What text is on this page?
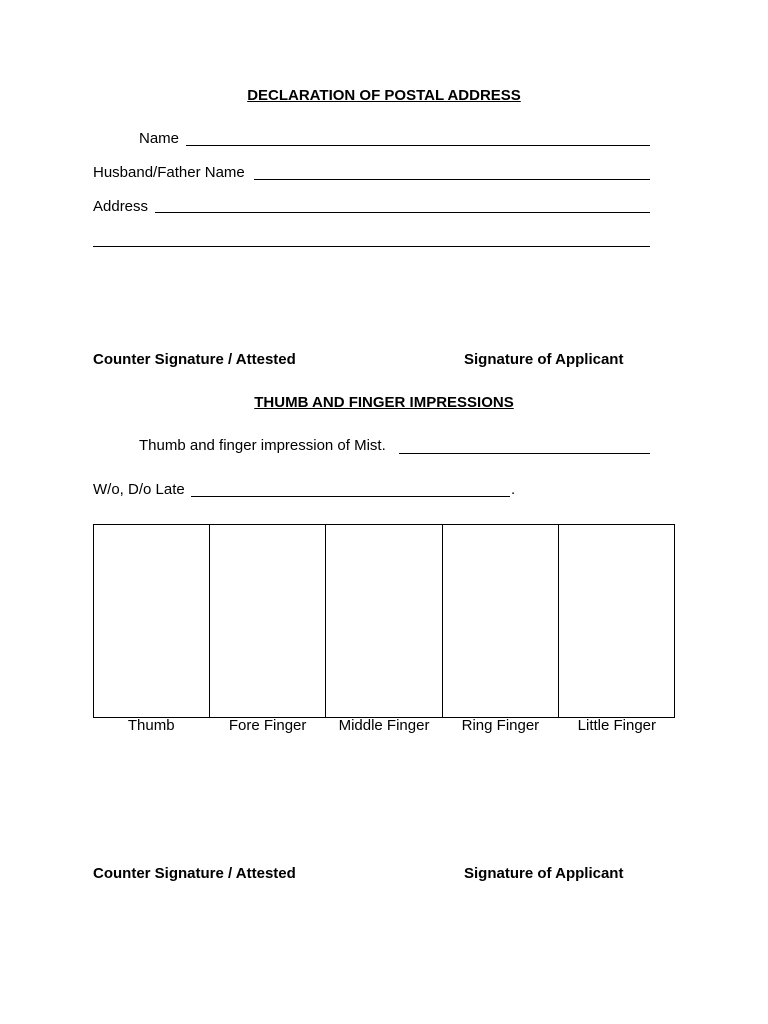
DECLARATION OF POSTAL ADDRESS
Name
Husband/Father Name
Address
Counter Signature / Attested	Signature of Applicant
THUMB AND FINGER IMPRESSIONS
Thumb and finger impression of Mist.
W/o, D/o Late	.
Thumb	Fore Finger	Middle Finger	Ring Finger	Little Finger
Counter Signature / Attested	Signature of Applicant
